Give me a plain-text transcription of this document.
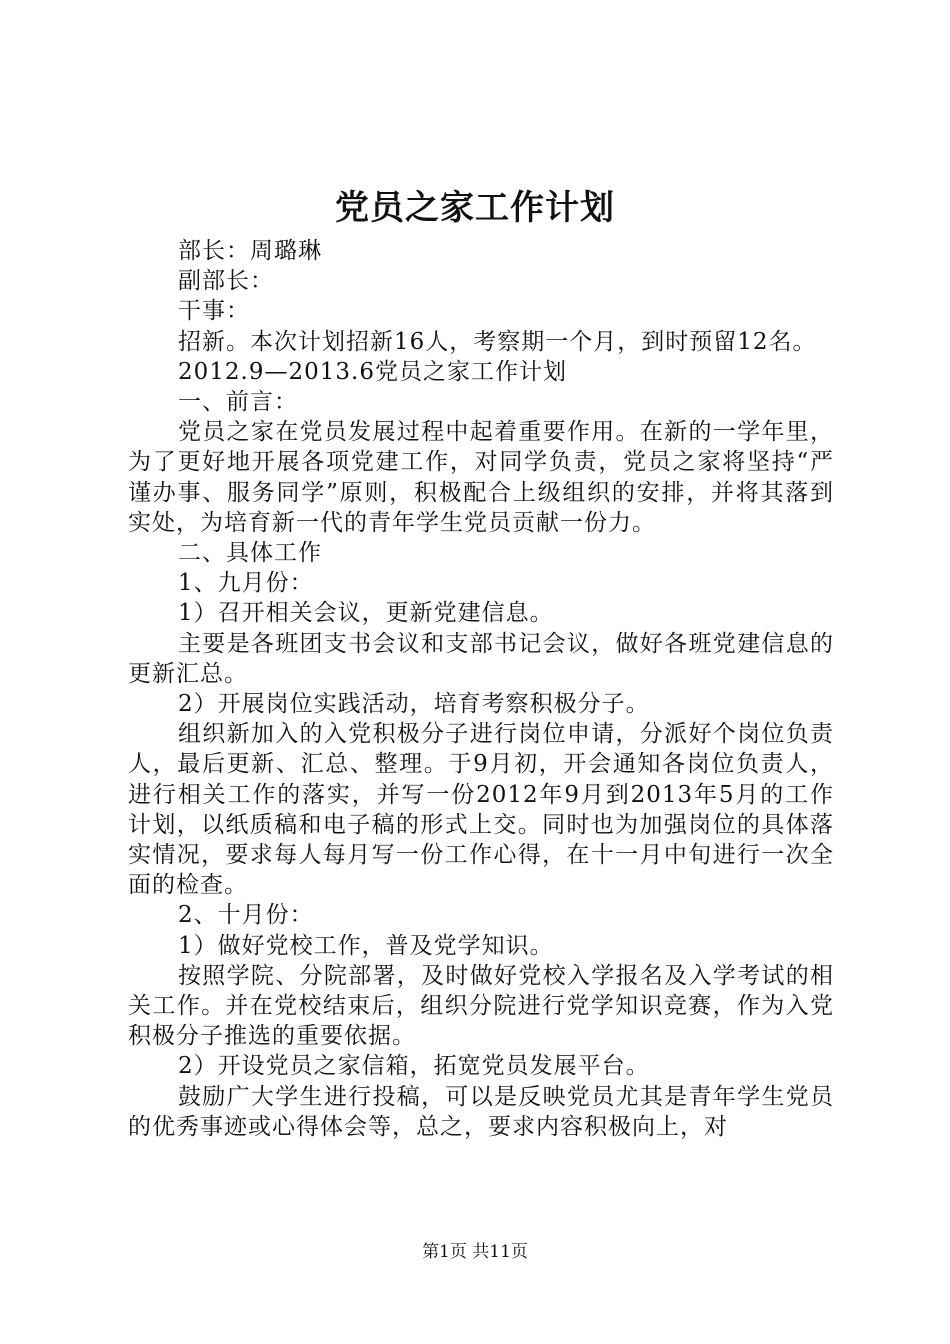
党员之家工作计划

部长：周璐琳

副部长：

干事：

招新。本次计划招新16人，考察期一个月，到时预留12名。

2012.9—2013.6党员之家工作计划

一、前言：

党员之家在党员发展过程中起着重要作用。在新的一学年里，为了更好地开展各项党建工作，对同学负责，党员之家将坚持“严谨办事、服务同学”原则，积极配合上级组织的安排，并将其落到实处，为培育新一代的青年学生党员贡献一份力。

二、具体工作

1、九月份：

1）召开相关会议，更新党建信息。

主要是各班团支书会议和支部书记会议，做好各班党建信息的更新汇总。

2）开展岗位实践活动，培育考察积极分子。

组织新加入的入党积极分子进行岗位申请，分派好个岗位负责人，最后更新、汇总、整理。于9月初，开会通知各岗位负责人，进行相关工作的落实，并写一份2012年9月到2013年5月的工作计划，以纸质稿和电子稿的形式上交。同时也为加强岗位的具体落实情况，要求每人每月写一份工作心得，在十一月中旬进行一次全面的检查。

2、十月份：

1）做好党校工作，普及党学知识。

按照学院、分院部署，及时做好党校入学报名及入学考试的相关工作。并在党校结束后，组织分院进行党学知识竞赛，作为入党积极分子推选的重要依据。

2）开设党员之家信箱，拓宽党员发展平台。

鼓励广大学生进行投稿，可以是反映党员尤其是青年学生党员的优秀事迹或心得体会等，总之，要求内容积极向上，对

第1页 共11页
